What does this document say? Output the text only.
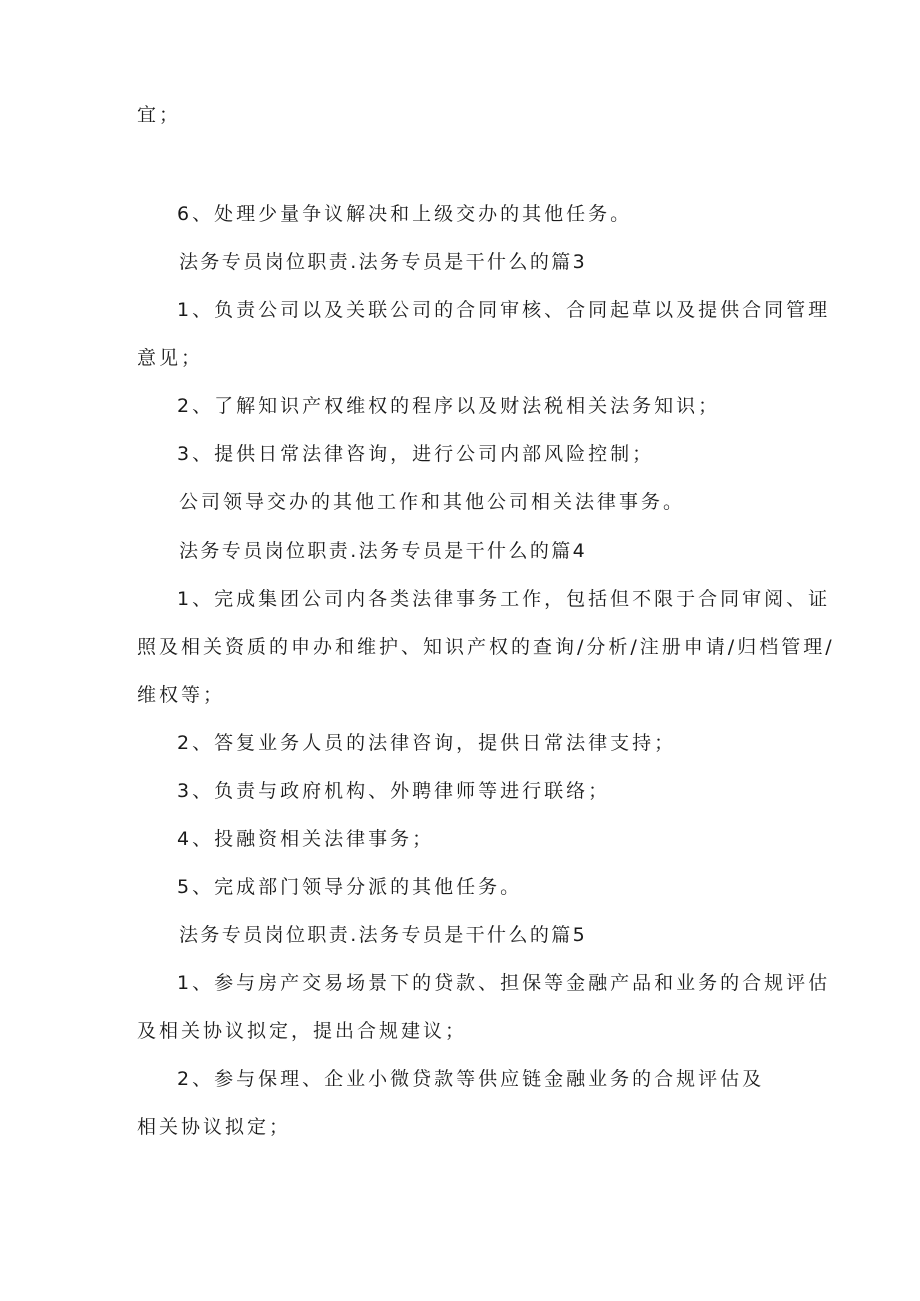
宜；
6、处理少量争议解决和上级交办的其他任务。
法务专员岗位职责.法务专员是干什么的篇3
1、负责公司以及关联公司的合同审核、合同起草以及提供合同管理
意见；
2、了解知识产权维权的程序以及财法税相关法务知识；
3、提供日常法律咨询，进行公司内部风险控制；
公司领导交办的其他工作和其他公司相关法律事务。
法务专员岗位职责.法务专员是干什么的篇4
1、完成集团公司内各类法律事务工作，包括但不限于合同审阅、证
照及相关资质的申办和维护、知识产权的查询/分析/注册申请/归档管理/
维权等；
2、答复业务人员的法律咨询，提供日常法律支持；
3、负责与政府机构、外聘律师等进行联络；
4、投融资相关法律事务；
5、完成部门领导分派的其他任务。
法务专员岗位职责.法务专员是干什么的篇5
1、参与房产交易场景下的贷款、担保等金融产品和业务的合规评估
及相关协议拟定，提出合规建议；
2、参与保理、企业小微贷款等供应链金融业务的合规评估及
相关协议拟定；
